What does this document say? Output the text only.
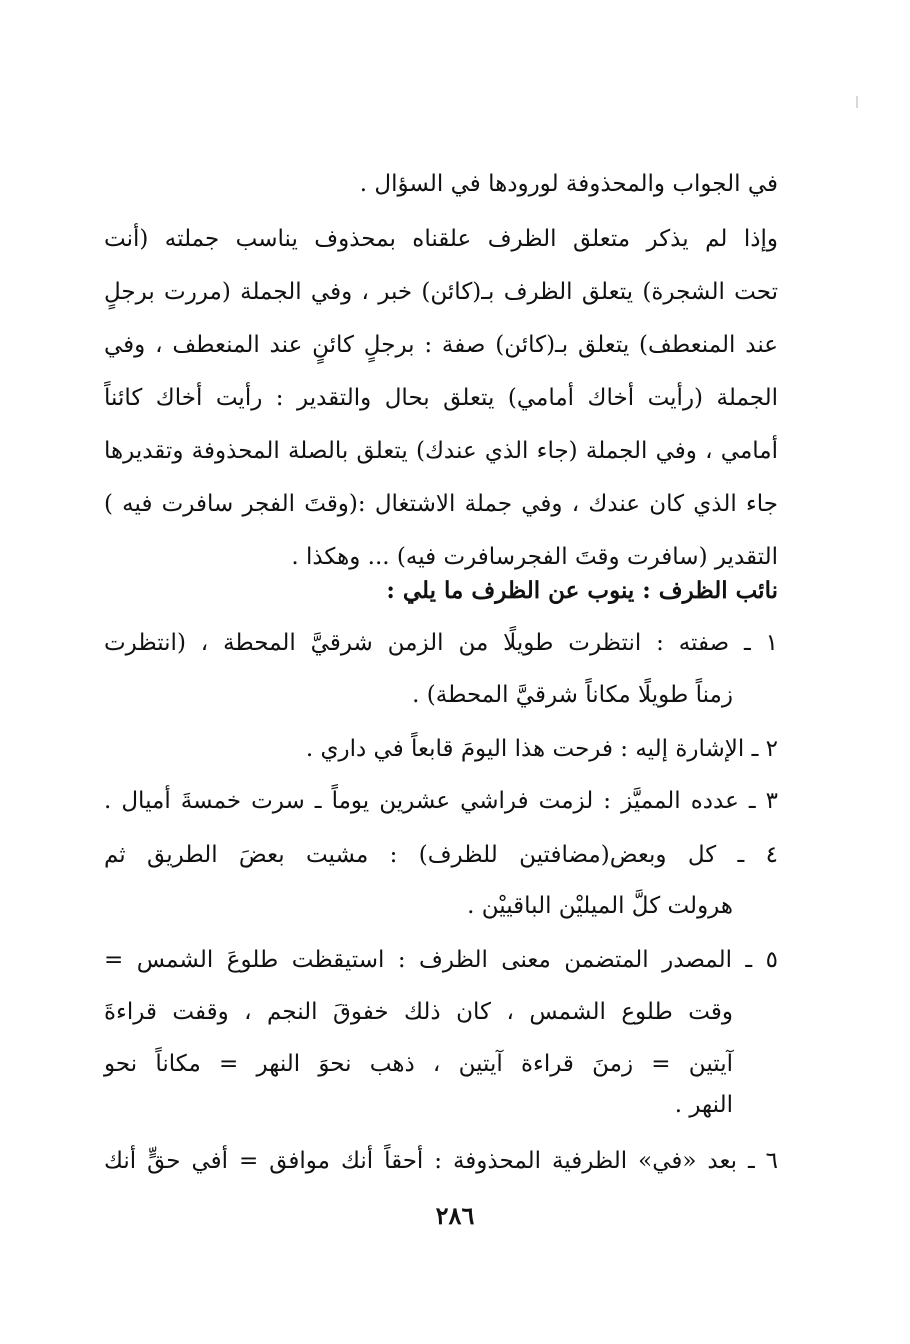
في الجواب والمحذوفة لورودها في السؤال .
وإذا لم يذكر متعلق الظرف علقناه بمحذوف يناسب جملته (أنت
تحت الشجرة) يتعلق الظرف بـ(كائن) خبر ، وفي الجملة (مررت برجلٍ
عند المنعطف) يتعلق بـ(كائن) صفة : برجلٍ كائنٍ عند المنعطف ، وفي
الجملة (رأيت أخاك أمامي) يتعلق بحال والتقدير : رأيت أخاك كائناً
أمامي ، وفي الجملة (جاء الذي عندك) يتعلق بالصلة المحذوفة وتقديرها
جاء الذي كان عندك ، وفي جملة الاشتغال :(وقتَ الفجر سافرت فيه )
التقدير (سافرت وقتَ الفجرسافرت فيه) ... وهكذا .
نائب الظرف : ينوب عن الظرف ما يلي :
١ ـ صفته : انتظرت طويلًا من الزمن شرقيَّ المحطة ، (انتظرت
زمناً طويلًا مكاناً شرقيَّ المحطة) .
٢ ـ الإشارة إليه : فرحت هذا اليومَ قابعاً في داري .
٣ ـ عدده المميَّز : لزمت فراشي عشرين يوماً ـ سرت خمسةَ أميال .
٤ ـ كل وبعض(مضافتين للظرف) : مشيت بعضَ الطريق ثم
هرولت كلَّ الميليْن الباقييْن .
٥ ـ المصدر المتضمن معنى الظرف : استيقظت طلوعَ الشمس =
وقت طلوع الشمس ، كان ذلك خفوقَ النجم ، وقفت قراءةَ
آيتين = زمنَ قراءة آيتين ، ذهب نحوَ النهر = مكاناً نحو
النهر .
٦ ـ بعد «في» الظرفية المحذوفة : أحقاً أنك موافق = أفي حقٍّ أنك
٢٨٦
